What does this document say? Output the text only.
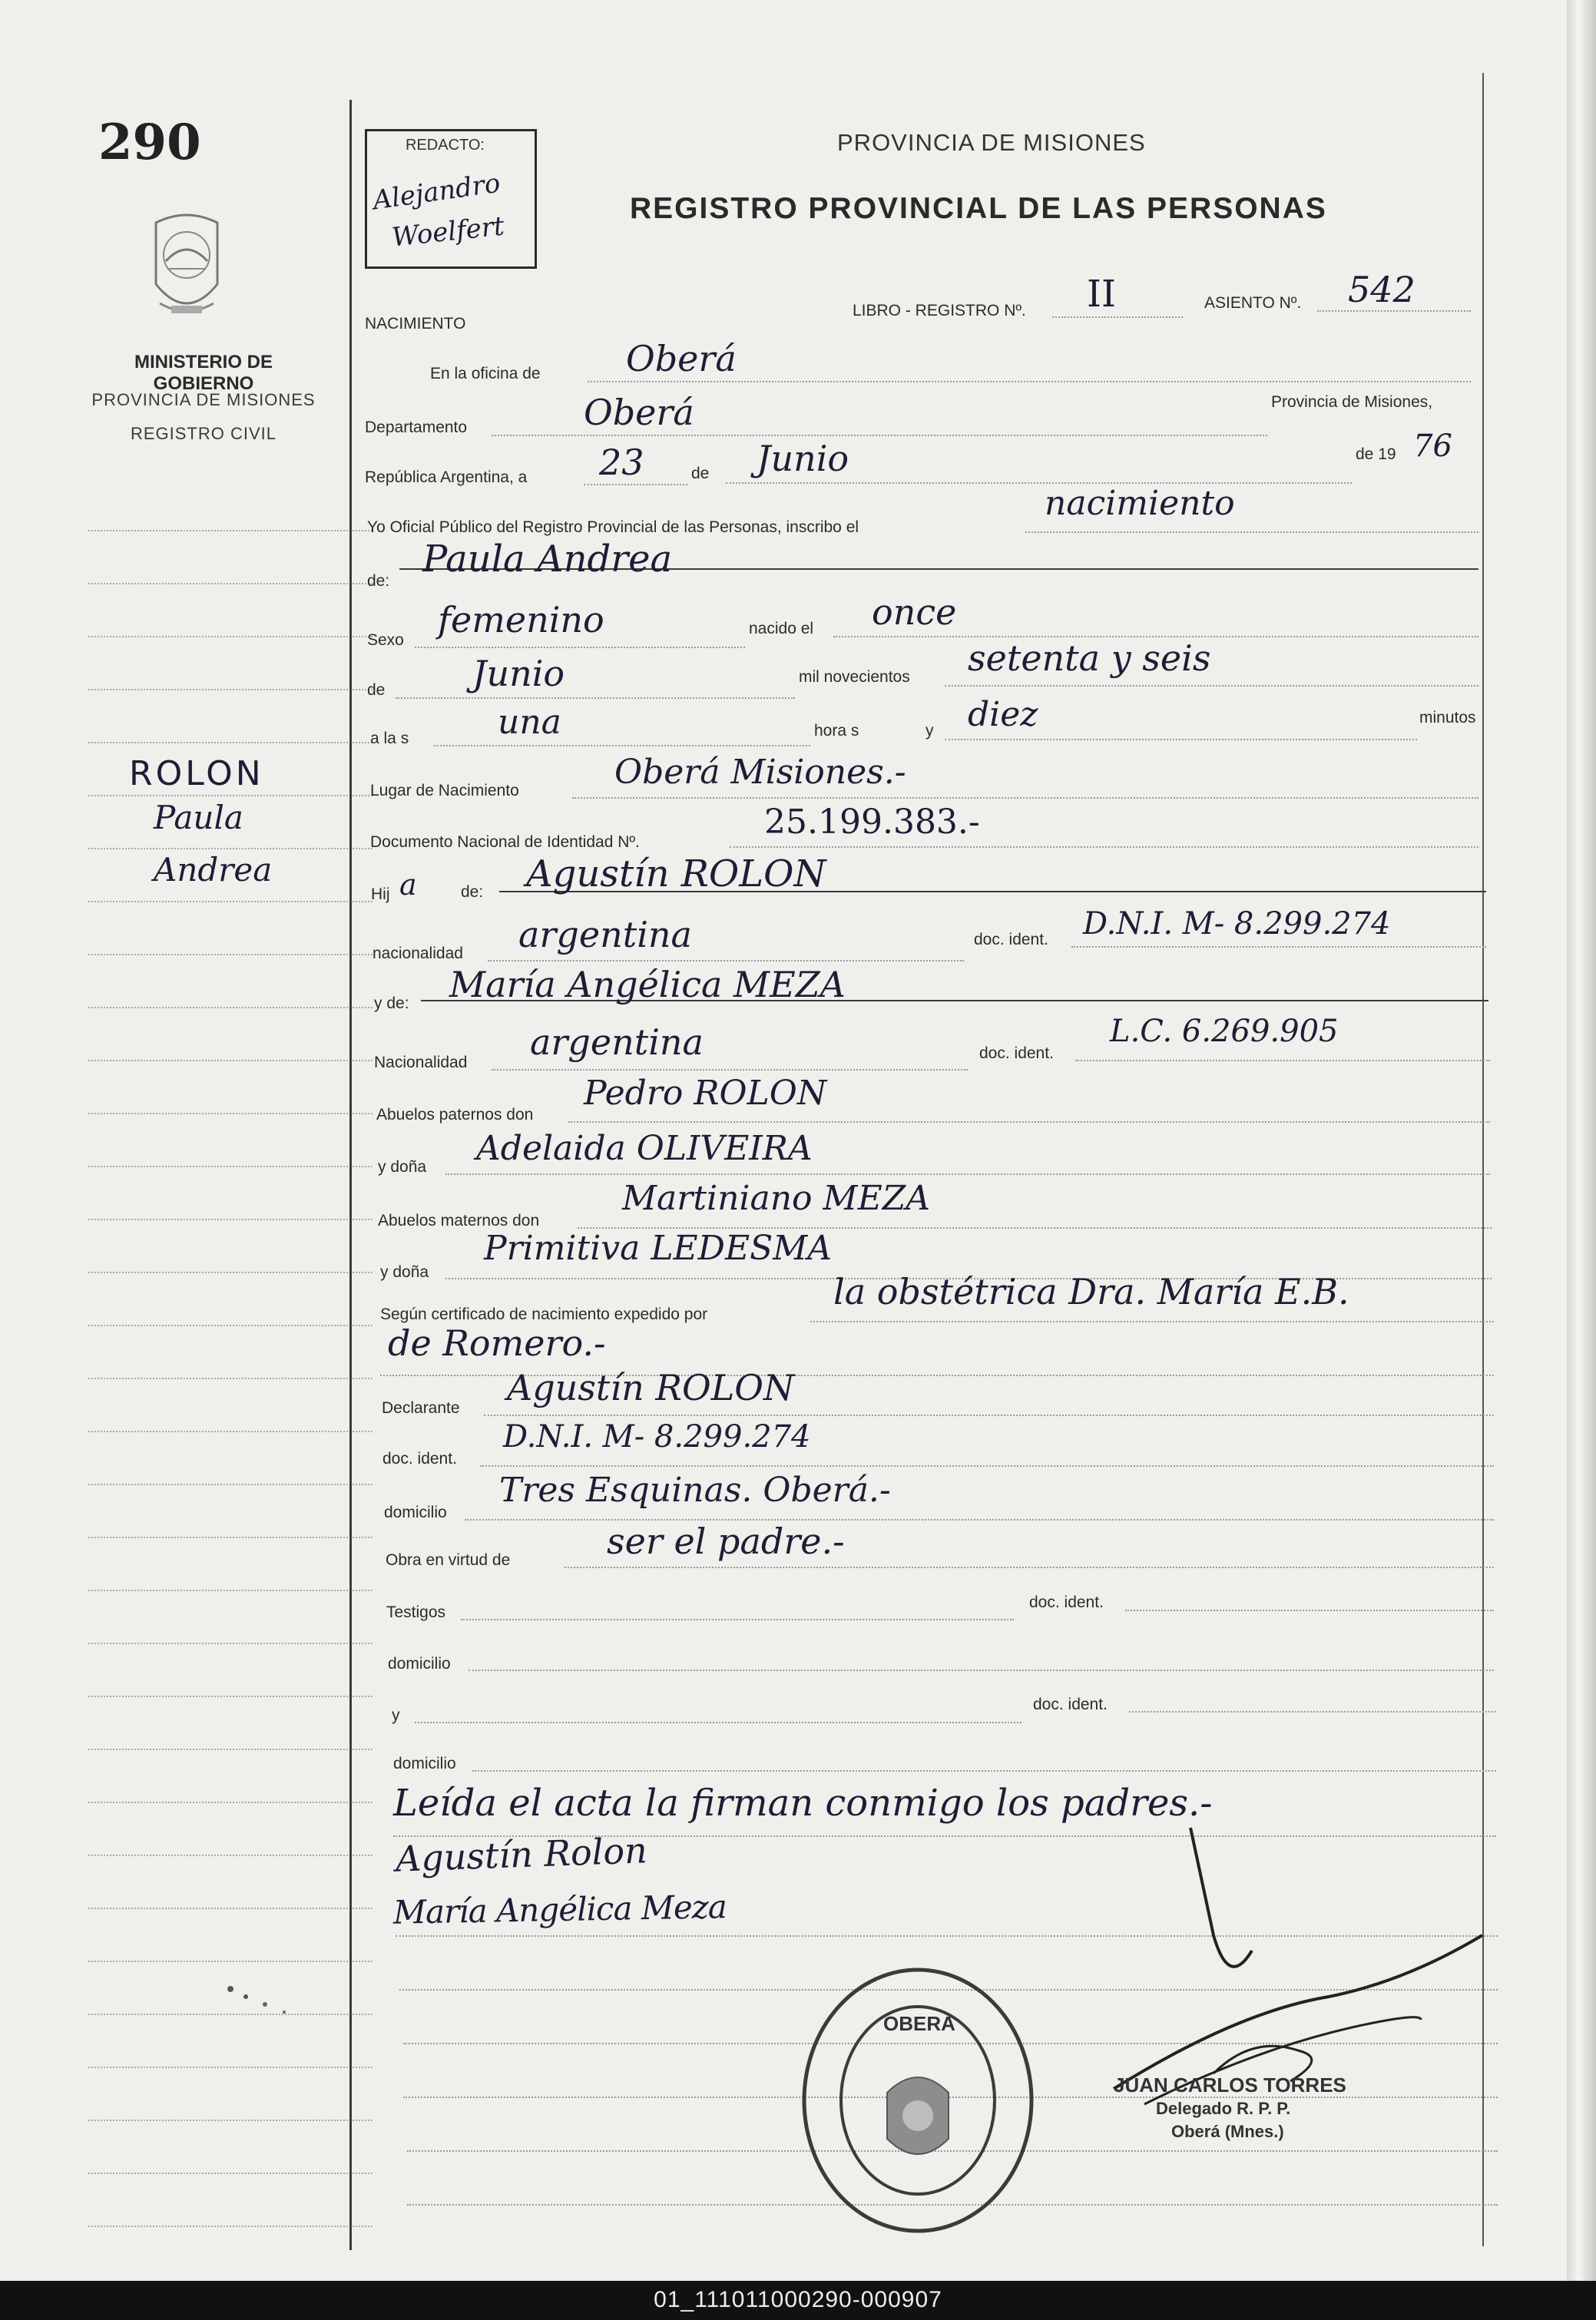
290
MINISTERIO DE GOBIERNO
PROVINCIA DE MISIONES
REGISTRO CIVIL
ROLON
Paula
Andrea
REDACTO:
Alejandro
Woelfert
PROVINCIA DE MISIONES
REGISTRO PROVINCIAL DE LAS PERSONAS
NACIMIENTO
LIBRO - REGISTRO Nº. II	ASIENTO Nº. 542
En la oficina de Oberá
Departamento	Oberá	Provincia de Misiones,
República Argentina, a 23	de Junio	de 19 76
Yo Oficial Público del Registro Provincial de las Personas, inscribo el
nacimiento
de:
Paula Andrea
Sexo femenino	nacido el once
de Junio	mil novecientos setenta y seis
a la s	una	hora s	y diez	minutos
Lugar de Nacimiento	Oberá Misiones.-
Documento Nacional de Identidad Nº.
25.199.383.-
Hij a	de: Agustín ROLON
nacionalidad argentina	doc. ident. D.N.I. M- 8.299.274
y de: María Angélica MEZA
Nacionalidad argentina	doc. ident.
L.C. 6.269.905
Abuelos paternos don
Pedro ROLON
y doña Adelaida OLIVEIRA
Abuelos maternos don
Martiniano MEZA
y doña
Primitiva LEDESMA
Según certificado de nacimiento expedido por
la obstétrica Dra. María E.B.
de Romero.-
Declarante Agustín ROLON
doc. ident.
D.N.I. M- 8.299.274
domicilio
Tres Esquinas. Oberá.-
Obra en virtud de	ser el padre.-
Testigos
doc. ident.
domicilio
y
doc. ident.
domicilio
Leída el acta la firman conmigo los padres.-
Agustín Rolon
María Angélica Meza
OBERA
JUAN CARLOS TORRES
Delegado R. P. P.
Oberá (Mnes.)
01_111011000290-000907
